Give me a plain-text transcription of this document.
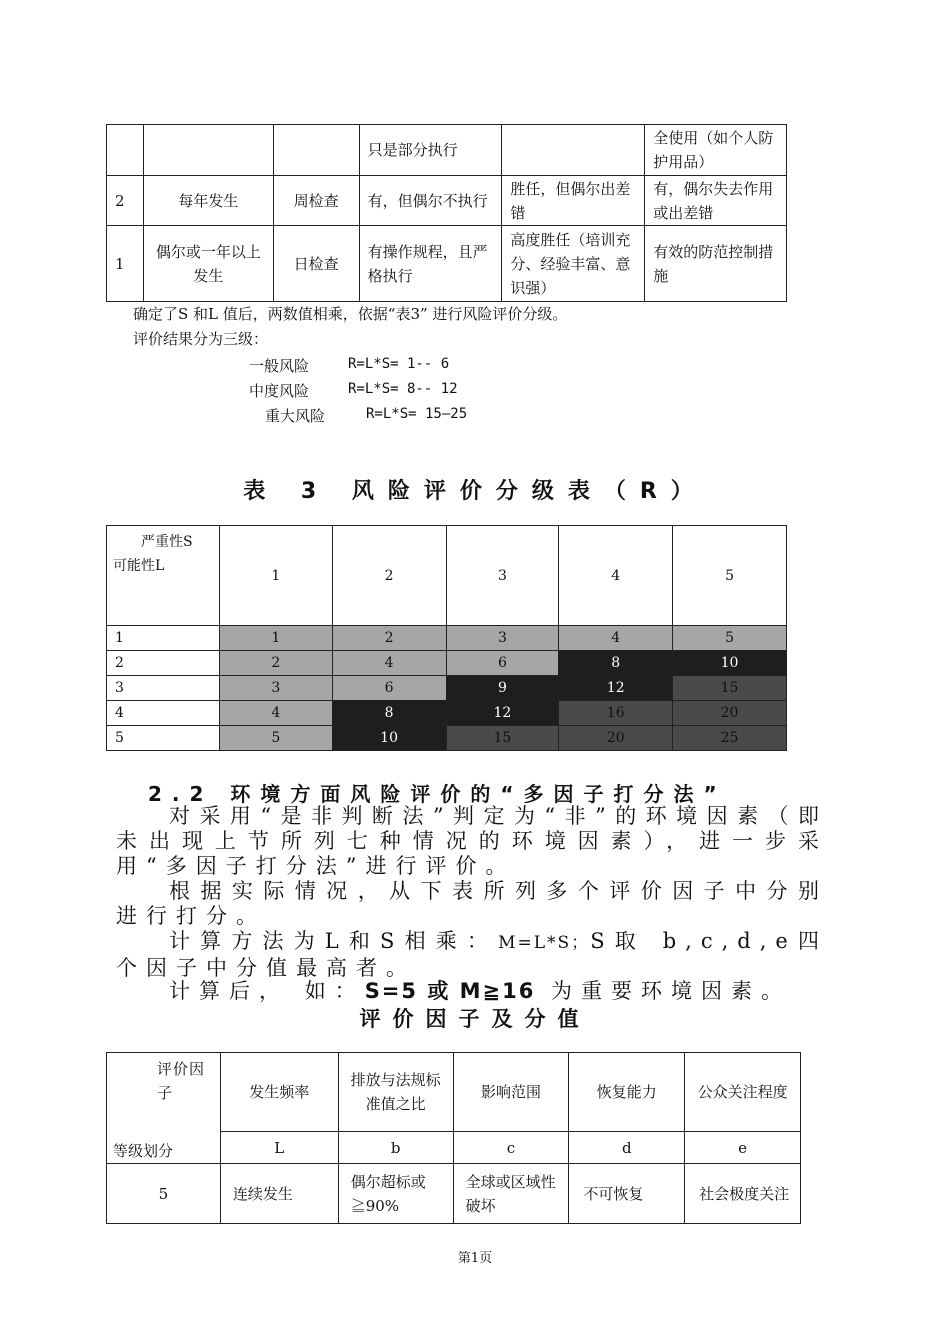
			只是部分执行		全使用（如个人防护用品）
2	每年发生	周检查	有，但偶尔不执行	胜任，但偶尔出差错	有，偶尔失去作用或出差错
1	偶尔或一年以上发生	日检查	有操作规程，且严格执行	高度胜任（培训充分、经验丰富、意识强）	有效的防范控制措施
确定了S 和L 值后，两数值相乘，依据“表3” 进行风险评价分级。
评价结果分为三级：
一般风险	R=L*S= 1-- 6
中度风险	R=L*S= 8-- 12
重大风险	R=L*S= 15—25
表 3 风险评价分级表（R）
严重性S
可能性L	1	2	3	4	5
1	1	2	3	4	5
2	2	4	6	8	10
3	3	6	9	12	15
4	4	8	12	16	20
5	5	10	15	20	25
2.2 环境方面风险评价的“多因子打分法”
对采用“是非判断法”判定为“非”的环境因素（即未出现上节所列七种情况的环境因素），进一步采用“多因子打分法”进行评价。
根据实际情况，从下表所列多个评价因子中分别进行打分。
计算方法为L和S相乘：M=L*S；S取 b,c,d,e四个因子中分值最高者。
计算后， 如：S=5 或 M≧16 为重要环境因素。
评价因子及分值
评价因子
等级划分	发生频率	排放与法规标准值之比	影响范围	恢复能力	公众关注程度
	L	b	c	d	e
5	连续发生	偶尔超标或≧90%	全球或区域性破坏	不可恢复	社会极度关注
第1页
